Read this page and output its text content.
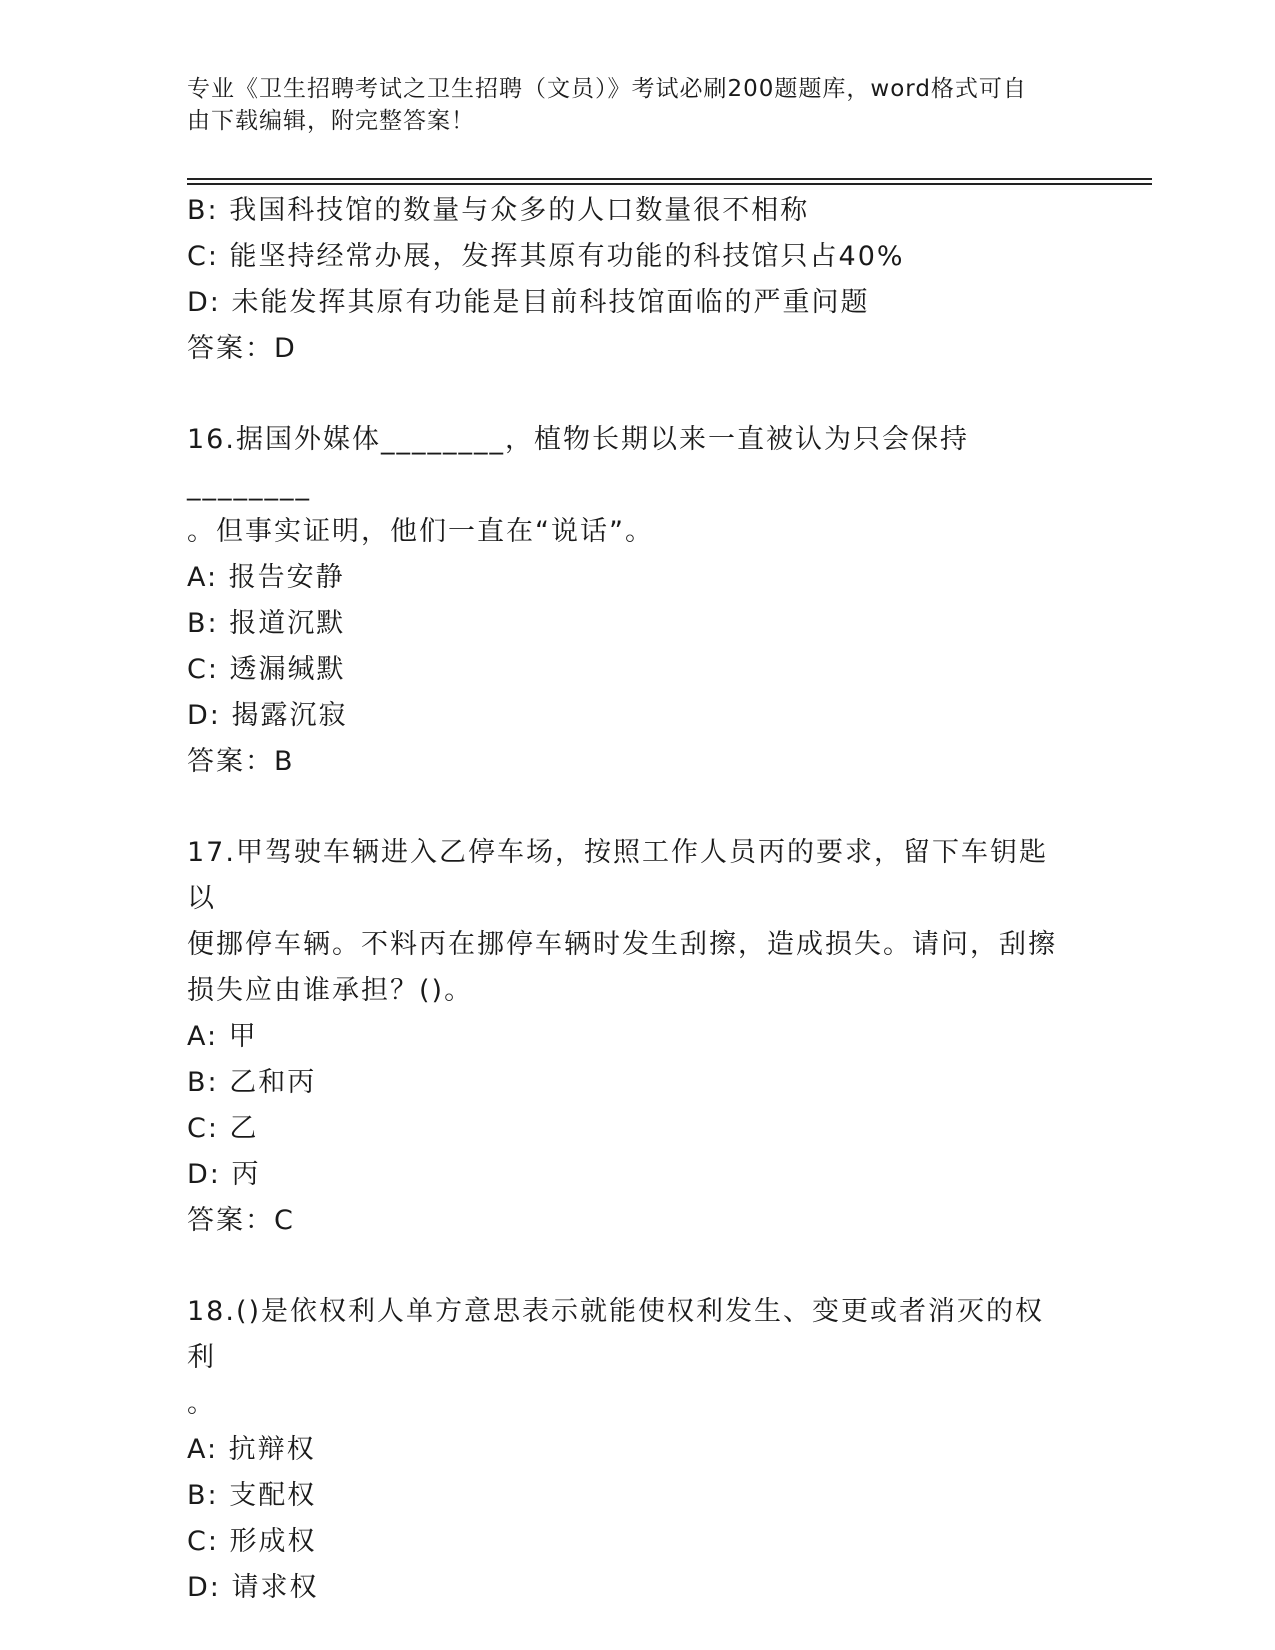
专业《卫生招聘考试之卫生招聘（文员）》考试必刷200题题库，word格式可自
由下载编辑，附完整答案！
B: 我国科技馆的数量与众多的人口数量很不相称
C: 能坚持经常办展，发挥其原有功能的科技馆只占40%
D: 未能发挥其原有功能是目前科技馆面临的严重问题
答案：D
16.据国外媒体________，植物长期以来一直被认为只会保持________
。但事实证明，他们一直在“说话”。
A: 报告安静
B: 报道沉默
C: 透漏缄默
D: 揭露沉寂
答案：B
17.甲驾驶车辆进入乙停车场，按照工作人员丙的要求，留下车钥匙以
便挪停车辆。不料丙在挪停车辆时发生刮擦，造成损失。请问，刮擦
损失应由谁承担？()。
A: 甲
B: 乙和丙
C: 乙
D: 丙
答案：C
18.()是依权利人单方意思表示就能使权利发生、变更或者消灭的权利
。
A: 抗辩权
B: 支配权
C: 形成权
D: 请求权
